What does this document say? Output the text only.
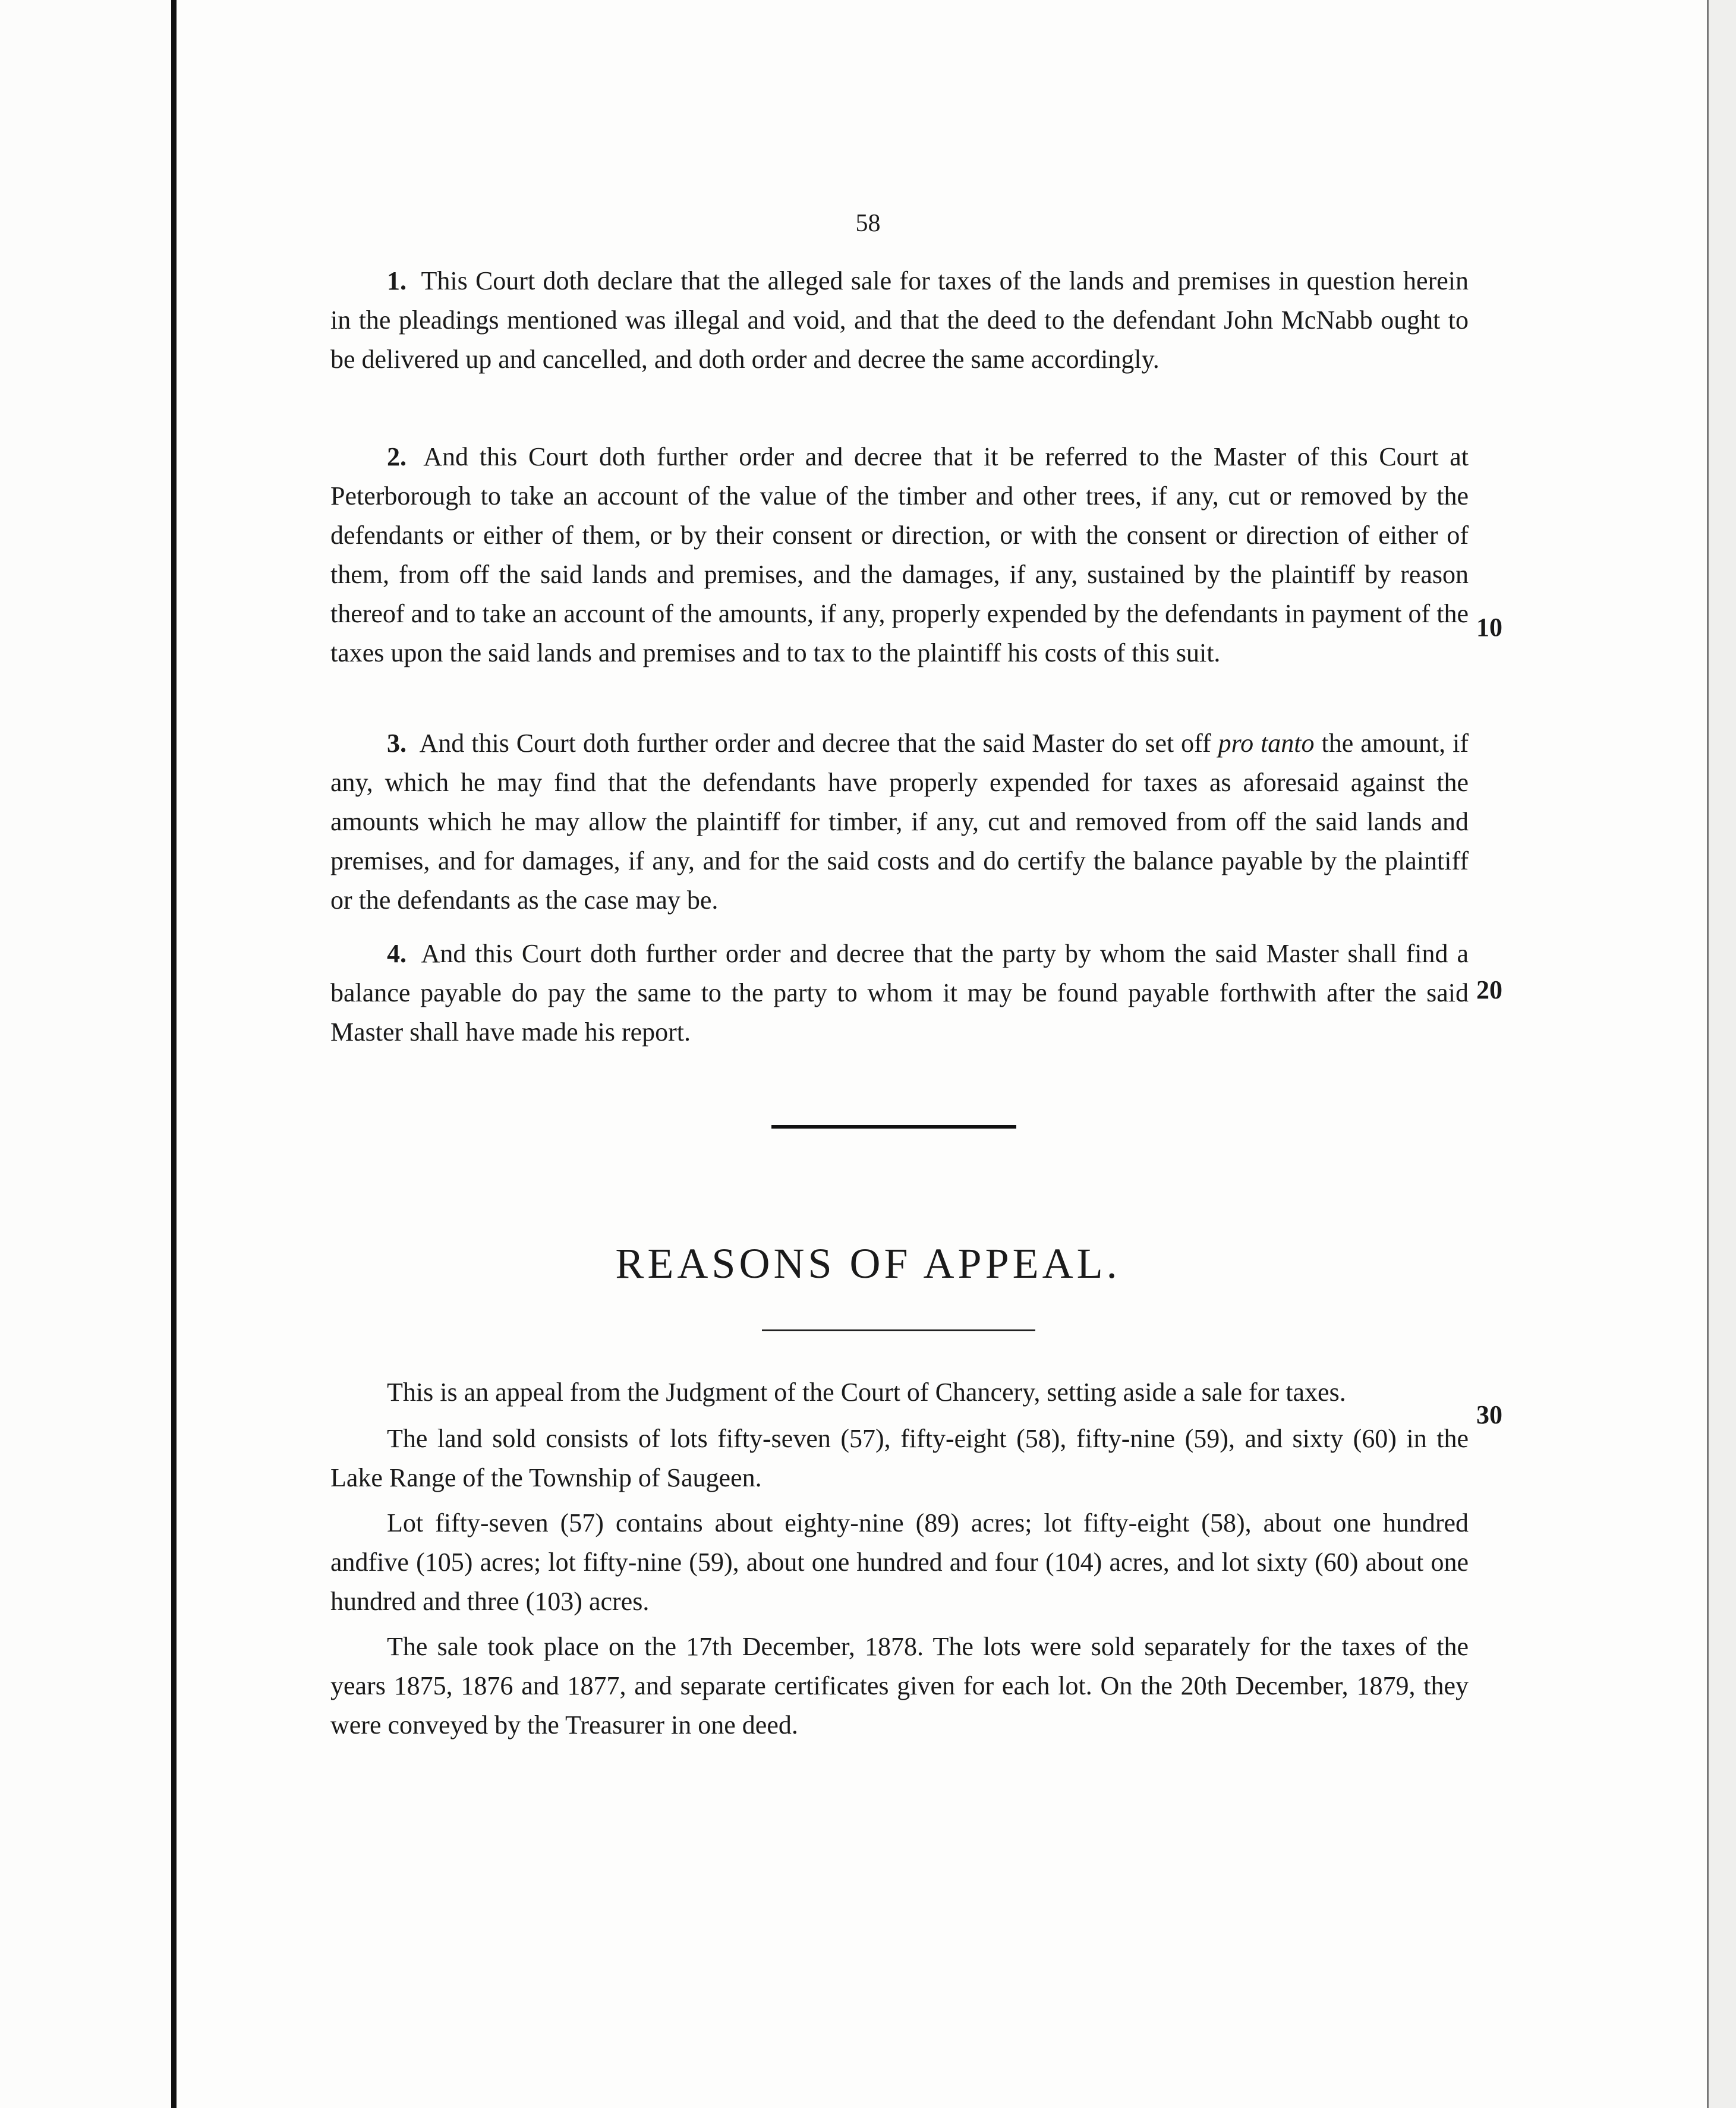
58
1. This Court doth declare that the alleged sale for taxes of the lands and premises in question herein in the pleadings mentioned was illegal and void, and that the deed to the defendant John McNabb ought to be delivered up and cancelled, and doth order and decree the same accordingly.
2. And this Court doth further order and decree that it be referred to the Master of this Court at Peterborough to take an account of the value of the timber and other trees, if any, cut or removed by the defendants or either of them, or by their consent or direction, or with the consent or direction of either of them, from off the said lands and premises, and the damages, if any, sustained by the plaintiff by reason thereof and to take an account of the amounts, if any, properly expended by the defendants in payment of the taxes upon the said lands and premises and to tax to the plaintiff his costs of this suit.
3. And this Court doth further order and decree that the said Master do set off pro tanto the amount, if any, which he may find that the defendants have properly expended for taxes as aforesaid against the amounts which he may allow the plaintiff for timber, if any, cut and removed from off the said lands and premises, and for damages, if any, and for the said costs and do certify the balance payable by the plaintiff or the defendants as the case may be.
4. And this Court doth further order and decree that the party by whom the said Master shall find a balance payable do pay the same to the party to whom it may be found payable forthwith after the said Master shall have made his report.
10
20
30
REASONS OF APPEAL.
This is an appeal from the Judgment of the Court of Chancery, setting aside a sale for taxes.
The land sold consists of lots fifty-seven (57), fifty-eight (58), fifty-nine (59), and sixty (60) in the Lake Range of the Township of Saugeen.
Lot fifty-seven (57) contains about eighty-nine (89) acres; lot fifty-eight (58), about one hundred andfive (105) acres; lot fifty-nine (59), about one hundred and four (104) acres, and lot sixty (60) about one hundred and three (103) acres.
The sale took place on the 17th December, 1878. The lots were sold separately for the taxes of the years 1875, 1876 and 1877, and separate certificates given for each lot. On the 20th December, 1879, they were conveyed by the Treasurer in one deed.
